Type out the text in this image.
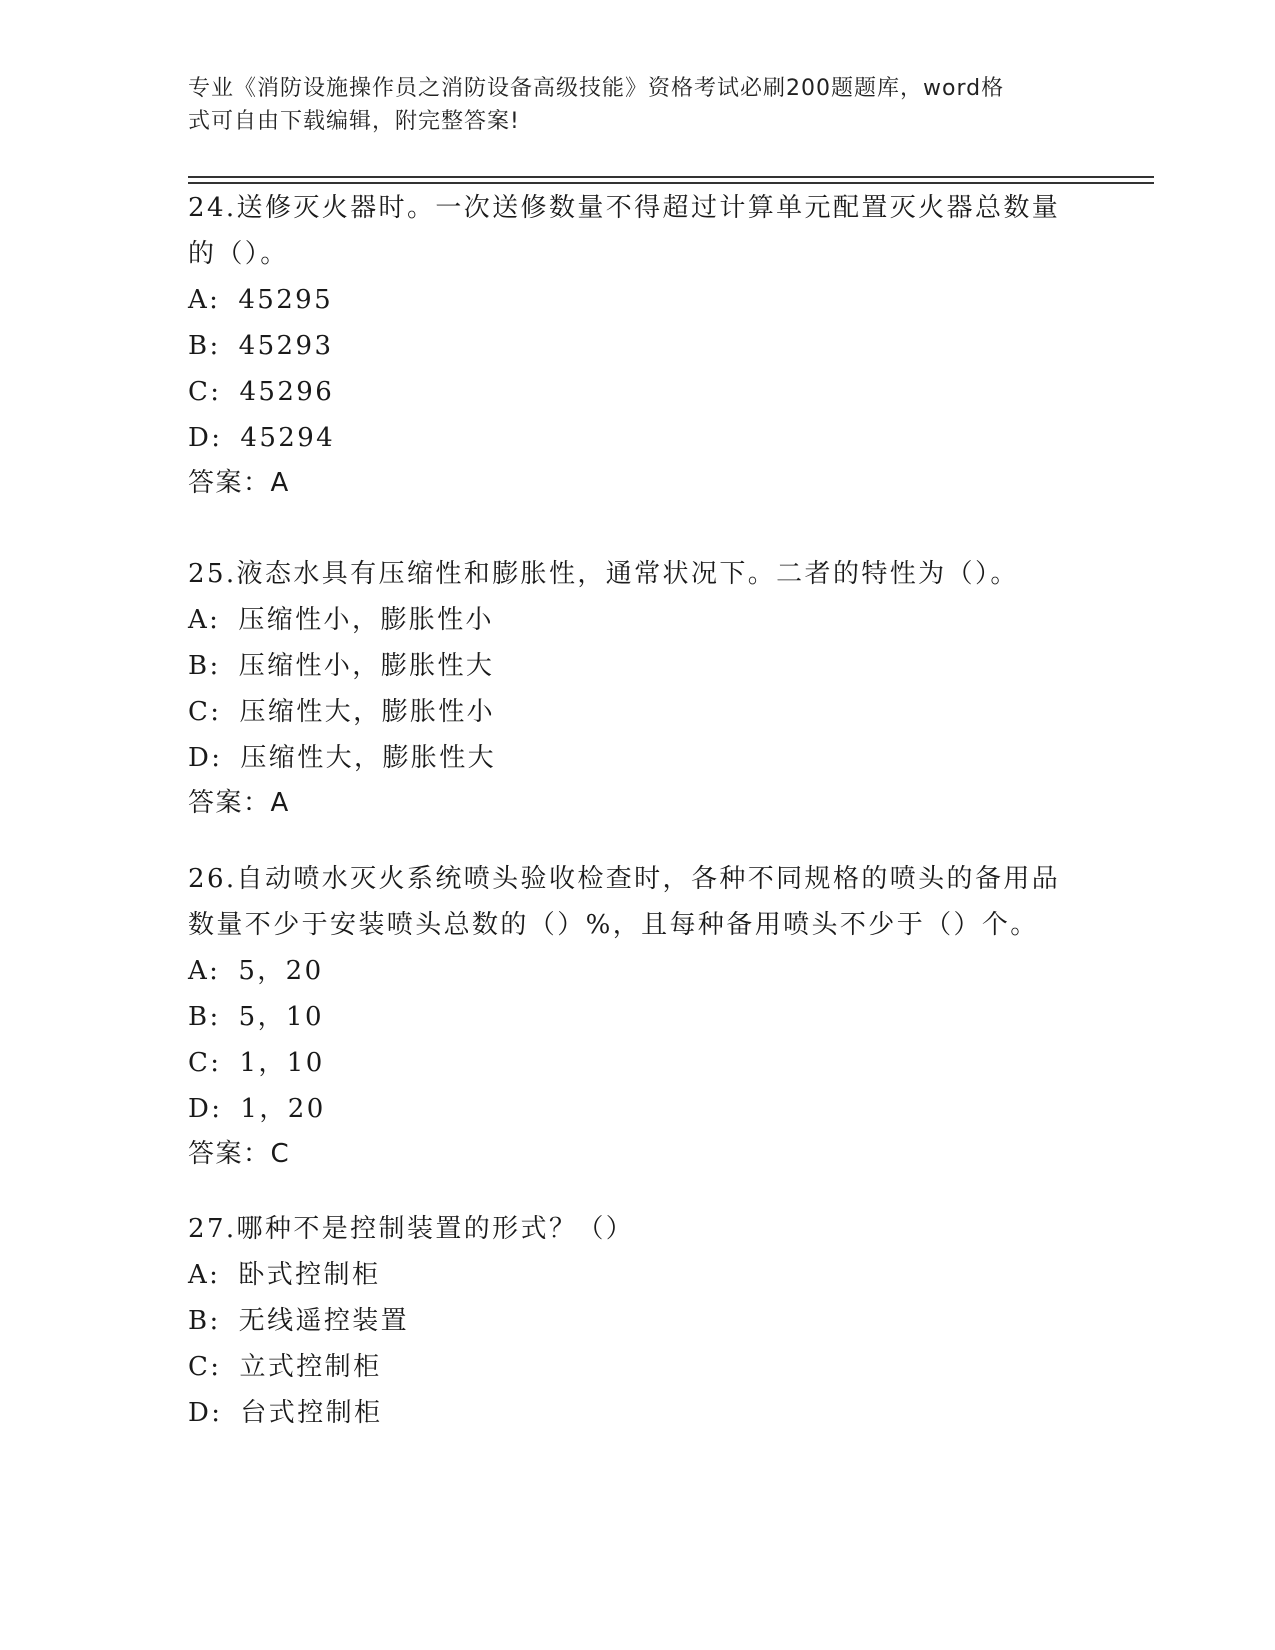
专业《消防设施操作员之消防设备高级技能》资格考试必刷200题题库，word格
式可自由下载编辑，附完整答案!

24.送修灭火器时。一次送修数量不得超过计算单元配置灭火器总数量

的（）。

A: 45295

B: 45293

C: 45296

D: 45294

答案：A

25.液态水具有压缩性和膨胀性，通常状况下。二者的特性为（）。

A: 压缩性小，膨胀性小

B: 压缩性小，膨胀性大

C: 压缩性大，膨胀性小

D: 压缩性大，膨胀性大

答案：A

26.自动喷水灭火系统喷头验收检查时，各种不同规格的喷头的备用品

数量不少于安装喷头总数的（）%，且每种备用喷头不少于（）个。

A: 5，20

B: 5，10

C: 1，10

D: 1，20

答案：C

27.哪种不是控制装置的形式？（）

A: 卧式控制柜

B: 无线遥控装置

C: 立式控制柜

D: 台式控制柜
